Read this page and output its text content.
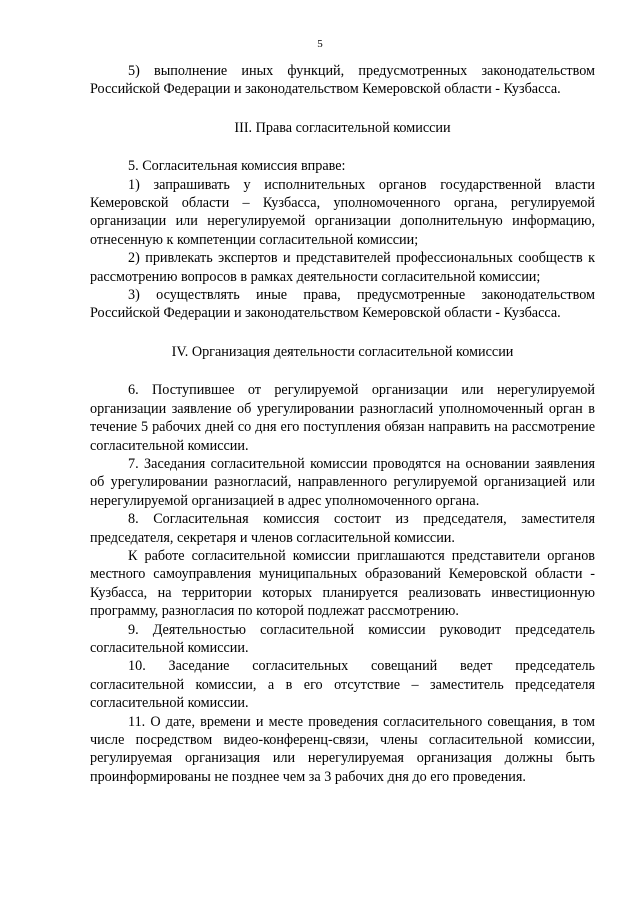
5

5) выполнение иных функций, предусмотренных законодательством Российской Федерации и законодательством Кемеровской области - Кузбасса.

III. Права согласительной комиссии

5. Согласительная комиссия вправе:

1) запрашивать у исполнительных органов государственной власти Кемеровской области – Кузбасса, уполномоченного органа, регулируемой организации или нерегулируемой организации дополнительную информацию, отнесенную к компетенции согласительной комиссии;

2) привлекать экспертов и представителей профессиональных сообществ к рассмотрению вопросов в рамках деятельности согласительной комиссии;

3) осуществлять иные права, предусмотренные законодательством Российской Федерации и законодательством Кемеровской области - Кузбасса.

IV. Организация деятельности согласительной комиссии

6. Поступившее от регулируемой организации или нерегулируемой организации заявление об урегулировании разногласий уполномоченный орган в течение 5 рабочих дней со дня его поступления обязан направить на рассмотрение согласительной комиссии.

7. Заседания согласительной комиссии проводятся на основании заявления об урегулировании разногласий, направленного регулируемой организацией или нерегулируемой организацией в адрес уполномоченного органа.

8. Согласительная комиссия состоит из председателя, заместителя председателя, секретаря и членов согласительной комиссии.

К работе согласительной комиссии приглашаются представители органов местного самоуправления муниципальных образований Кемеровской области - Кузбасса, на территории которых планируется реализовать инвестиционную программу, разногласия по которой подлежат рассмотрению.

9. Деятельностью согласительной комиссии руководит председатель согласительной комиссии.

10. Заседание согласительных совещаний ведет председатель согласительной комиссии, а в его отсутствие – заместитель председателя согласительной комиссии.

11. О дате, времени и месте проведения согласительного совещания, в том числе посредством видео-конференц-связи, члены согласительной комиссии, регулируемая организация или нерегулируемая организация должны быть проинформированы не позднее чем за 3 рабочих дня до его проведения.
